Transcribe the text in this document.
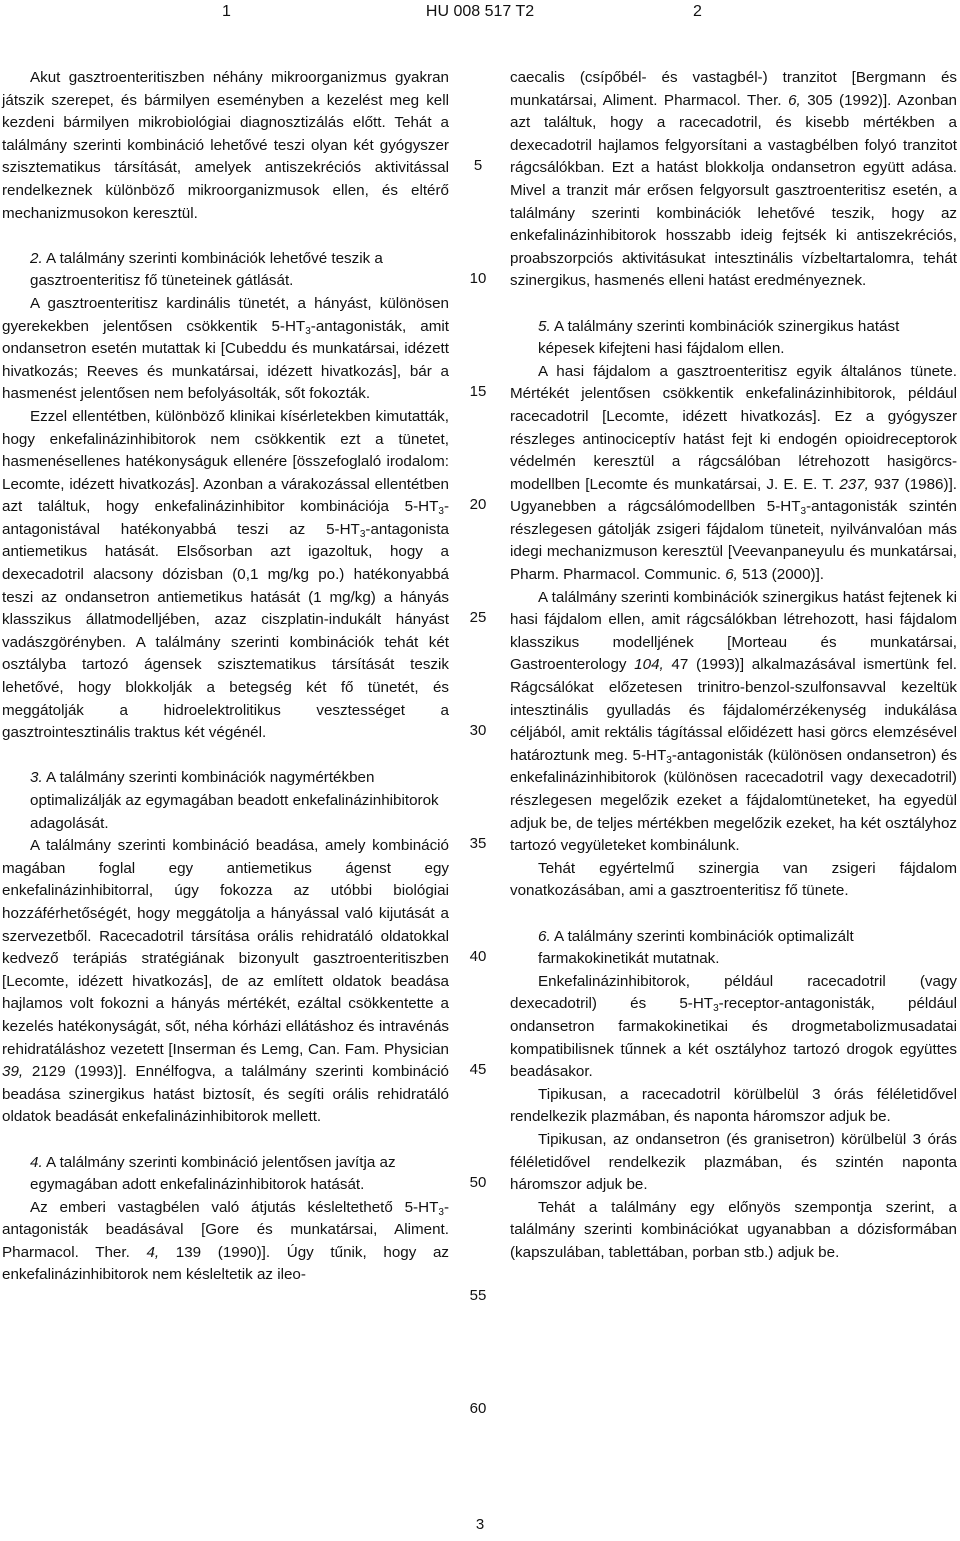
1	HU 008 517 T2	2

Akut gasztroenteritiszben néhány mikroorganizmus gyakran játszik szerepet, és bármilyen eseményben a kezelést meg kell kezdeni bármilyen mikrobiológiai diagnosztizálás előtt. Tehát a találmány szerinti kombináció lehetővé teszi olyan két gyógyszer szisztematikus társítását, amelyek antiszekréciós aktivitással rendelkeznek különböző mikroorganizmusok ellen, és eltérő mechanizmusokon keresztül.

2. A találmány szerinti kombinációk lehetővé teszik a gasztroenteritisz fő tüneteinek gátlását.

A gasztroenteritisz kardinális tünetét, a hányást, különösen gyerekekben jelentősen csökkentik $5-HT_3$-antagonisták, amit ondansetron esetén mutattak ki [Cubeddu és munkatársai, idézett hivatkozás; Reeves és munkatársai, idézett hivatkozás], bár a hasmenést jelentősen nem befolyásolták, sőt fokozták.

Ezzel ellentétben, különböző klinikai kísérletekben kimutatták, hogy enkefalinázinhibitorok nem csökkentik ezt a tünetet, hasmenésellenes hatékonyságuk ellenére [összefoglaló irodalom: Lecomte, idézett hivatkozás]. Azonban a várakozással ellentétben azt találtuk, hogy enkefalinázinhibitor kombinációja $5-HT_3$-antagonistával hatékonyabbá teszi az $5-HT_3$-antagonista antiemetikus hatását. Elsősorban azt igazoltuk, hogy a dexecadotril alacsony dózisban (0,1 mg/kg po.) hatékonyabbá teszi az ondansetron antiemetikus hatását (1 mg/kg) a hányás klasszikus állatmodelljében, azaz ciszplatin-indukált hányást vadászgörényben. A találmány szerinti kombinációk tehát két osztályba tartozó ágensek szisztematikus társítását teszik lehetővé, hogy blokkolják a betegség két fő tünetét, és meggátolják a hidroelektrolitikus vesztességet a gasztrointesztinális traktus két végénél.

3. A találmány szerinti kombinációk nagymértékben optimalizálják az egymagában beadott enkefalinázinhibitorok adagolását.

A találmány szerinti kombináció beadása, amely kombináció magában foglal egy antiemetikus ágenst egy enkefalinázinhibitorral, úgy fokozza az utóbbi biológiai hozzáférhetőségét, hogy meggátolja a hányással való kijutását a szervezetből. Racecadotril társítása orális rehidratáló oldatokkal kedvező terápiás stratégiának bizonyult gasztroenteritiszben [Lecomte, idézett hivatkozás], de az említett oldatok beadása hajlamos volt fokozni a hányás mértékét, ezáltal csökkentette a kezelés hatékonyságát, sőt, néha kórházi ellátáshoz és intravénás rehidratáláshoz vezetett [Inserman és Lemg, Can. Fam. Physician 39, 2129 (1993)]. Ennélfogva, a találmány szerinti kombináció beadása szinergikus hatást biztosít, és segíti orális rehidratáló oldatok beadását enkefalinázinhibitorok mellett.

4. A találmány szerinti kombináció jelentősen javítja az egymagában adott enkefalinázinhibitorok hatását.

Az emberi vastagbélen való átjutás késleltethető $5-HT_3$-antagonisták beadásával [Gore és munkatársai, Aliment. Pharmacol. Ther. 4, 139 (1990)]. Úgy tűnik, hogy az enkefalinázinhibitorok nem késleltetik az ileo-

5
10
15
20
25
30
35
40
45
50
55
60

caecalis (csípőbél- és vastagbél-) tranzitot [Bergmann és munkatársai, Aliment. Pharmacol. Ther. 6, 305 (1992)]. Azonban azt találtuk, hogy a racecadotril, és kisebb mértékben a dexecadotril hajlamos felgyorsítani a vastagbélben folyó tranzitot rágcsálókban. Ezt a hatást blokkolja ondansetron együtt adása. Mivel a tranzit már erősen felgyorsult gasztroenteritisz esetén, a találmány szerinti kombinációk lehetővé teszik, hogy az enkefalinázinhibitorok hosszabb ideig fejtsék ki antiszekréciós, proabszorpciós aktivitásukat intesztinális vízbeltartalomra, tehát szinergikus, hasmenés elleni hatást eredményeznek.

5. A találmány szerinti kombinációk szinergikus hatást képesek kifejteni hasi fájdalom ellen.

A hasi fájdalom a gasztroenteritisz egyik általános tünete. Mértékét jelentősen csökkentik enkefalinázinhibitorok, például racecadotril [Lecomte, idézett hivatkozás]. Ez a gyógyszer részleges antinociceptív hatást fejt ki endogén opioidreceptorok védelmén keresztül a rágcsálóban létrehozott hasigörcs-modellben [Lecomte és munkatársai, J. E. E. T. 237, 937 (1986)]. Ugyanebben a rágcsálómodellben $5-HT_3$-antagonisták szintén részlegesen gátolják zsigeri fájdalom tüneteit, nyilvánvalóan más idegi mechanizmuson keresztül [Veevanpaneyulu és munkatársai, Pharm. Pharmacol. Communic. 6, 513 (2000)].

A találmány szerinti kombinációk szinergikus hatást fejtenek ki hasi fájdalom ellen, amit rágcsálókban létrehozott, hasi fájdalom klasszikus modelljének [Morteau és munkatársai, Gastroenterology 104, 47 (1993)] alkalmazásával ismertünk fel. Rágcsálókat előzetesen trinitro-benzol-szulfonsavval kezeltük intesztinális gyulladás és fájdalomérzékenység indukálása céljából, amit rektális tágítással előidézett hasi görcs elemzésével határoztunk meg. $5-HT_3$-antagonisták (különösen ondansetron) és enkefalinázinhibitorok (különösen racecadotril vagy dexecadotril) részlegesen megelőzik ezeket a fájdalomtüneteket, ha egyedül adjuk be, de teljes mértékben megelőzik ezeket, ha két osztályhoz tartozó vegyületeket kombinálunk.

Tehát egyértelmű szinergia van zsigeri fájdalom vonatkozásában, ami a gasztroenteritisz fő tünete.

6. A találmány szerinti kombinációk optimalizált farmakokinetikát mutatnak.

Enkefalinázinhibitorok, például racecadotril (vagy dexecadotril) és $5-HT_3-receptor$-antagonisták, például ondansetron farmakokinetikai és drogmetabolizmusadatai kompatibilisnek tűnnek a két osztályhoz tartozó drogok együttes beadásakor.

Tipikusan, a racecadotril körülbelül 3 órás féléletidővel rendelkezik plazmában, és naponta háromszor adjuk be.

Tipikusan, az ondansetron (és granisetron) körülbelül 3 órás féléletidővel rendelkezik plazmában, és szintén naponta háromszor adjuk be.

Tehát a találmány egy előnyös szempontja szerint, a találmány szerinti kombinációkat ugyanabban a dózisformában (kapszulában, tablettában, porban stb.) adjuk be.

3
